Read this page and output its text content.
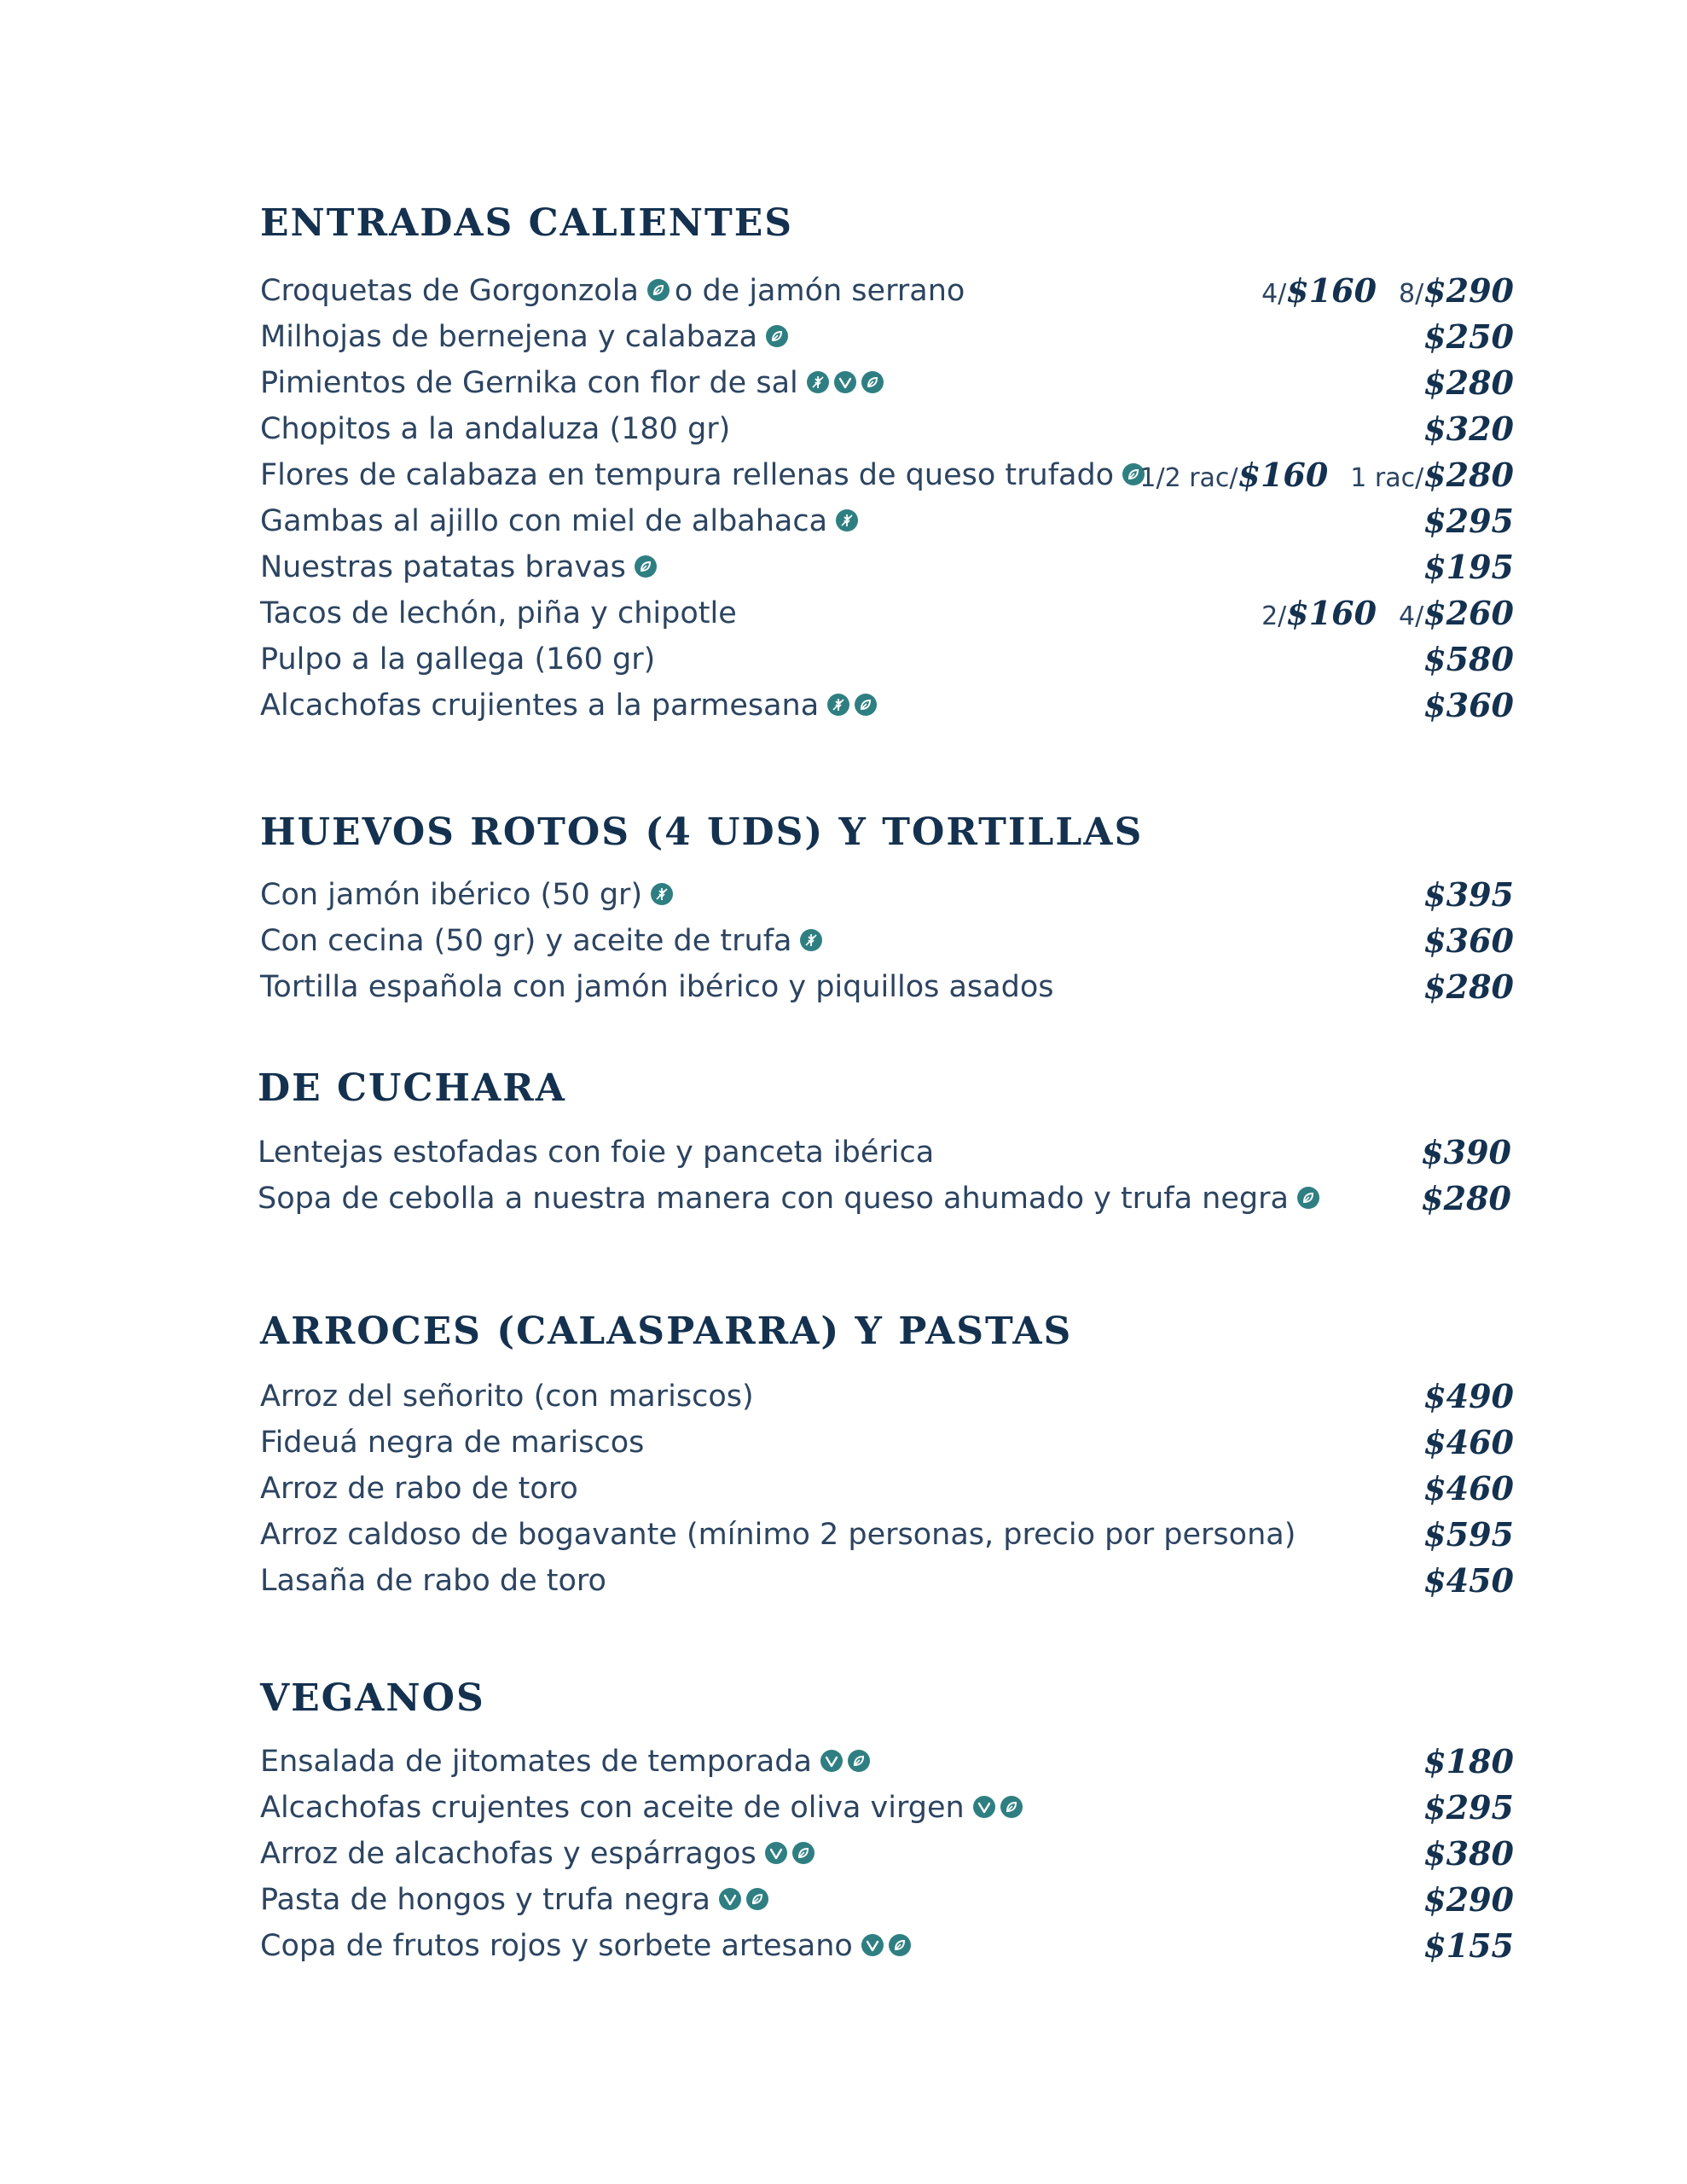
ENTRADAS CALIENTES
Croquetas de Gorgonzola o de jamón serrano	4/$160 8/$290
Milhojas de bernejena y calabaza	$250
Pimientos de Gernika con flor de sal	$280
Chopitos a la andaluza (180 gr)	$320
Flores de calabaza en tempura rellenas de queso trufado	1/2 rac/$160 1 rac/$280
Gambas al ajillo con miel de albahaca	$295
Nuestras patatas bravas	$195
Tacos de lechón, piña y chipotle	2/$160 4/$260
Pulpo a la gallega (160 gr)	$580
Alcachofas crujientes a la parmesana	$360
HUEVOS ROTOS (4 UDS) Y TORTILLAS
Con jamón ibérico (50 gr)	$395
Con cecina (50 gr) y aceite de trufa	$360
Tortilla española con jamón ibérico y piquillos asados	$280
DE CUCHARA
Lentejas estofadas con foie y panceta ibérica	$390
Sopa de cebolla a nuestra manera con queso ahumado y trufa negra	$280
ARROCES (CALASPARRA) Y PASTAS
Arroz del señorito (con mariscos)	$490
Fideuá negra de mariscos	$460
Arroz de rabo de toro	$460
Arroz caldoso de bogavante (mínimo 2 personas, precio por persona)	$595
Lasaña de rabo de toro	$450
VEGANOS
Ensalada de jitomates de temporada	$180
Alcachofas crujentes con aceite de oliva virgen	$295
Arroz de alcachofas y espárragos	$380
Pasta de hongos y trufa negra	$290
Copa de frutos rojos y sorbete artesano	$155
